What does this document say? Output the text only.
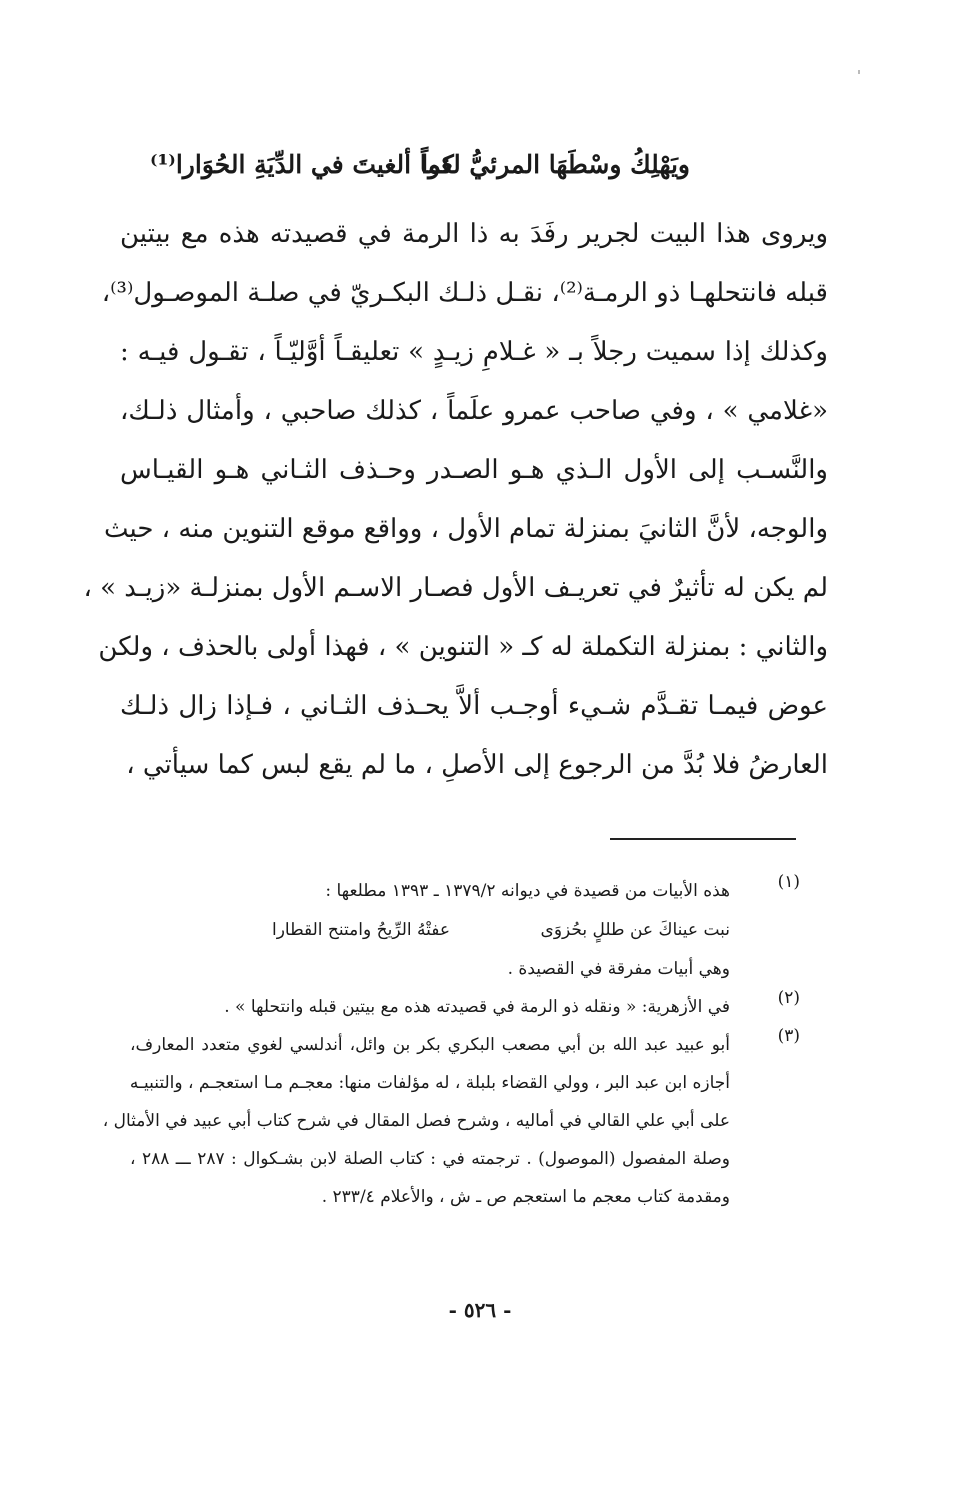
ويَهْلِكُ وسْطَهَا المرئيُّ لغواً
كما ألغيتَ في الدِّيَةِ الحُوَارا⁽¹⁾
ويروى هذا البيت لجرير رفَدَ به ذا الرمة في قصيدته هذه مع بيتين
قبله فانتحلهـا ذو الرمـة⁽²⁾، نقـل ذلـك البكـريّ في صلـة الموصـول⁽³⁾،
وكذلك إذا سميت رجلاً بـ « غـلامِ زيـدٍ » تعليقـاً أوَّليّـاً ، تقـول فيـه :
«غلامي » ، وفي صاحب عمرو علَماً ، كذلك صاحبي ، وأمثال ذلـك،
والنَّسـب إلى الأول الـذي هـو الصـدر وحـذف الثـاني هـو القيـاس
والوجه، لأنَّ الثانيَ بمنزلة تمام الأول ، وواقع موقع التنوين منه ، حيث
لم يكن له تأثيرٌ في تعريـف الأول فصـار الاسـم الأول بمنزلـة «زيـد » ،
والثاني : بمنزلة التكملة له كـ « التنوين » ، فهذا أولى بالحذف ، ولكن
عوض فيمـا تقـدَّم شـيء أوجـب ألاَّ يحـذف الثـاني ، فـإذا زال ذلـك
العارضُ فلا بُدَّ من الرجوع إلى الأصلِ ، ما لم يقع لبس كما سيأتي ،
(١)
هذه الأبيات من قصيدة في ديوانه ١٣٧٩/٢ ـ ١٣٩٣ مطلعها :
نبت عيناكَ عن طللٍ بحُزوَى
عفتْهُ الرِّيحُ وامتنح القطارا
وهي أبيات مفرقة في القصيدة .
(٢)
في الأزهرية: « ونقله ذو الرمة في قصيدته هذه مع بيتين قبله وانتحلها » .
(٣)
أبو عبيد عبد الله بن أبي مصعب البكري بكر بن وائل، أندلسي لغوي متعدد المعارف،
أجازه ابن عبد البر ، وولي القضاء بلبلة ، له مؤلفات منها: معجـم مـا استعجـم ، والتنبيـه
على أبي علي القالي في أماليه ، وشرح فصل المقال في شرح كتاب أبي عبيد في الأمثال ،
وصلة المفصول (الموصول) . ترجمته في : كتاب الصلة لابن بشـكوال : ٢٨٧ ـــ ٢٨٨ ،
ومقدمة كتاب معجم ما استعجم ص ـ ش ، والأعلام ٢٣٣/٤ .
- ٥٢٦ -
